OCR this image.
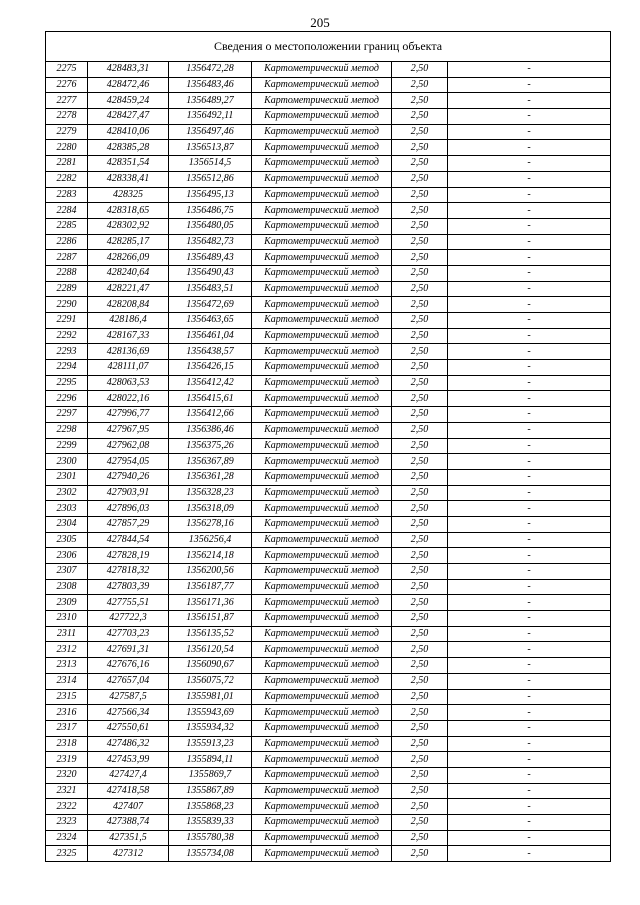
205
Сведения о местоположении границ объекта					
2275	428483,31	1356472,28	Картометрический метод	2,50	-
2276	428472,46	1356483,46	Картометрический метод	2,50	-
2277	428459,24	1356489,27	Картометрический метод	2,50	-
2278	428427,47	1356492,11	Картометрический метод	2,50	-
2279	428410,06	1356497,46	Картометрический метод	2,50	-
2280	428385,28	1356513,87	Картометрический метод	2,50	-
2281	428351,54	1356514,5	Картометрический метод	2,50	-
2282	428338,41	1356512,86	Картометрический метод	2,50	-
2283	428325	1356495,13	Картометрический метод	2,50	-
2284	428318,65	1356486,75	Картометрический метод	2,50	-
2285	428302,92	1356480,05	Картометрический метод	2,50	-
2286	428285,17	1356482,73	Картометрический метод	2,50	-
2287	428266,09	1356489,43	Картометрический метод	2,50	-
2288	428240,64	1356490,43	Картометрический метод	2,50	-
2289	428221,47	1356483,51	Картометрический метод	2,50	-
2290	428208,84	1356472,69	Картометрический метод	2,50	-
2291	428186,4	1356463,65	Картометрический метод	2,50	-
2292	428167,33	1356461,04	Картометрический метод	2,50	-
2293	428136,69	1356438,57	Картометрический метод	2,50	-
2294	428111,07	1356426,15	Картометрический метод	2,50	-
2295	428063,53	1356412,42	Картометрический метод	2,50	-
2296	428022,16	1356415,61	Картометрический метод	2,50	-
2297	427996,77	1356412,66	Картометрический метод	2,50	-
2298	427967,95	1356386,46	Картометрический метод	2,50	-
2299	427962,08	1356375,26	Картометрический метод	2,50	-
2300	427954,05	1356367,89	Картометрический метод	2,50	-
2301	427940,26	1356361,28	Картометрический метод	2,50	-
2302	427903,91	1356328,23	Картометрический метод	2,50	-
2303	427896,03	1356318,09	Картометрический метод	2,50	-
2304	427857,29	1356278,16	Картометрический метод	2,50	-
2305	427844,54	1356256,4	Картометрический метод	2,50	-
2306	427828,19	1356214,18	Картометрический метод	2,50	-
2307	427818,32	1356200,56	Картометрический метод	2,50	-
2308	427803,39	1356187,77	Картометрический метод	2,50	-
2309	427755,51	1356171,36	Картометрический метод	2,50	-
2310	427722,3	1356151,87	Картометрический метод	2,50	-
2311	427703,23	1356135,52	Картометрический метод	2,50	-
2312	427691,31	1356120,54	Картометрический метод	2,50	-
2313	427676,16	1356090,67	Картометрический метод	2,50	-
2314	427657,04	1356075,72	Картометрический метод	2,50	-
2315	427587,5	1355981,01	Картометрический метод	2,50	-
2316	427566,34	1355943,69	Картометрический метод	2,50	-
2317	427550,61	1355934,32	Картометрический метод	2,50	-
2318	427486,32	1355913,23	Картометрический метод	2,50	-
2319	427453,99	1355894,11	Картометрический метод	2,50	-
2320	427427,4	1355869,7	Картометрический метод	2,50	-
2321	427418,58	1355867,89	Картометрический метод	2,50	-
2322	427407	1355868,23	Картометрический метод	2,50	-
2323	427388,74	1355839,33	Картометрический метод	2,50	-
2324	427351,5	1355780,38	Картометрический метод	2,50	-
2325	427312	1355734,08	Картометрический метод	2,50	-
